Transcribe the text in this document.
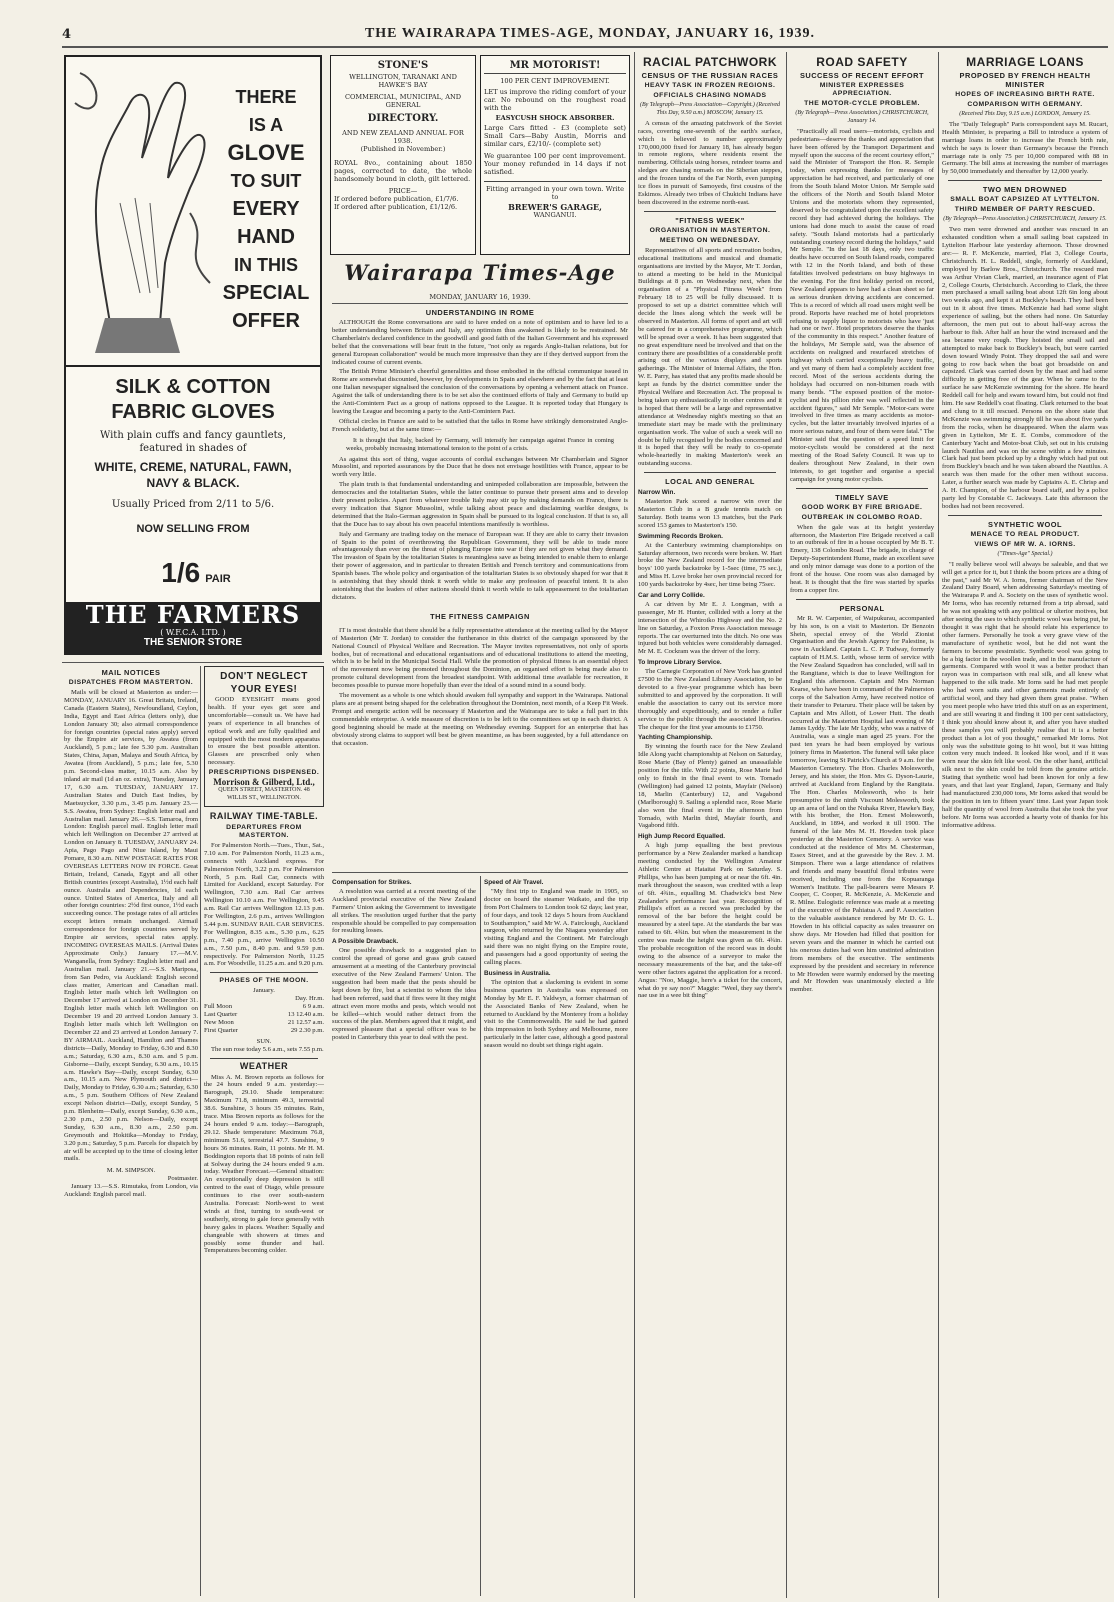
4	THE WAIRARAPA TIMES-AGE, MONDAY, JANUARY 16, 1939.
THERE
IS A
GLOVE
TO SUIT
EVERY
HAND
IN THIS
SPECIAL
OFFER
SILK & COTTON FABRIC GLOVES
With plain cuffs and fancy gauntlets, featured in shades of
WHITE, CREME, NATURAL, FAWN, NAVY & BLACK.
Usually Priced from 2/11 to 5/6.
NOW SELLING FROM
1/6 PAIR
THE FARMERS
( W.F.C.A. LTD. )
THE SENIOR STORE
STONE'S
WELLINGTON, TARANAKI AND HAWKE'S BAY
COMMERCIAL, MUNICIPAL, AND GENERAL
DIRECTORY.
AND NEW ZEALAND ANNUAL FOR 1938.
(Published in November.)
ROYAL 8vo., containing about 1850 pages, corrected to date, the whole handsomely bound in cloth, gilt lettered.
PRICE—
If ordered before publication, £1/7/6.
If ordered after publication, £1/12/6.
MR MOTORIST!
100 PER CENT IMPROVEMENT.
LET us improve the riding comfort of your car. No rebound on the roughest road with the
EASYCUSH SHOCK ABSORBER.
Large Cars fitted - £3 (complete set) Small Cars—Baby Austin, Morris and similar cars, £2/10/- (complete set)
We guarantee 100 per cent improvement. Your money refunded in 14 days if not satisfied.
Fitting arranged in your own town. Write to
BREWER'S GARAGE,
WANGANUI.
Wairarapa Times-Age
MONDAY, JANUARY 16, 1939.
UNDERSTANDING IN ROME

ALTHOUGH the Rome conversations are said to have ended on a note of optimism and to have led to a better understanding between Britain and Italy, any optimism thus awakened is likely to be restrained. Mr Chamberlain's declared confidence in the goodwill and good faith of the Italian Government and his expressed belief that the conversations will bear fruit in the future, "not only as regards Anglo-Italian relations, but for general European collaboration" would be much more impressive than they are if they derived support from the indicated course of current events.

The British Prime Minister's cheerful generalities and those embodied in the official communique issued in Rome are somewhat discounted, however, by developments in Spain and elsewhere and by the fact that at least one Italian newspaper signalised the conclusion of the conversations by opening a vehement attack on France. Against the talk of understanding there is to be set also the continued efforts of Italy and Germany to build up the Anti-Comintern Pact as a group of nations opposed to the League. It is reported today that Hungary is leaving the League and becoming a party to the Anti-Comintern Pact.

Official circles in France are said to be satisfied that the talks in Rome have strikingly demonstrated Anglo-French solidarity, but at the same time:—

It is thought that Italy, backed by Germany, will intensify her campaign against France in coming weeks, probably increasing international tension to the point of a crisis.

As against this sort of thing, vague accounts of cordial exchanges between Mr Chamberlain and Signor Mussolini, and reported assurances by the Duce that he does not envisage hostilities with France, appear to be worth very little.

The plain truth is that fundamental understanding and unimpeded collaboration are impossible, between the democracies and the totalitarian States, while the latter continue to pursue their present aims and to develop their present policies. Apart from whatever trouble Italy may stir up by making demands on France, there is every indication that Signor Mussolini, while talking about peace and disclaiming warlike designs, is determined that the Italo-German aggression in Spain shall be pursued to its logical conclusion. If that is so, all that the Duce has to say about his own peaceful intentions manifestly is worthless.

Italy and Germany are trading today on the menace of European war. If they are able to carry their invasion of Spain to the point of overthrowing the Republican Government, they will be able to trade more advantageously than ever on the threat of plunging Europe into war if they are not given what they demand. The invasion of Spain by the totalitarian States is meaningless save as being intended to enable them to enlarge their power of aggression, and in particular to threaten British and French territory and communications from Spanish bases. The whole policy and organisation of the totalitarian States is so obviously shaped for war that it is astonishing that they should think it worth while to make any profession of peaceful intent. It is also astonishing that the leaders of other nations should think it worth while to talk appeasement to the totalitarian dictators.

THE FITNESS CAMPAIGN

IT is most desirable that there should be a fully representative attendance at the meeting called by the Mayor of Masterton (Mr T. Jordan) to consider the furtherance in this district of the campaign sponsored by the National Council of Physical Welfare and Recreation. The Mayor invites representatives, not only of sports bodies, but of recreational and educational organisations and of educational institutions to attend the meeting, which is to be held in the Municipal Social Hall. While the promotion of physical fitness is an essential object of the movement now being promoted throughout the Dominion, an organised effort is being made also to promote cultural development from the broadest standpoint. With additional time available for recreation, it becomes possible to pursue more hopefully than ever the ideal of a sound mind in a sound body.

The movement as a whole is one which should awaken full sympathy and support in the Wairarapa. National plans are at present being shaped for the celebration throughout the Dominion, next month, of a Keep Fit Week. Prompt and energetic action will be necessary if Masterton and the Wairarapa are to take a full part in this commendable enterprise. A wide measure of discretion is to be left to the committees set up in each district. A good beginning should be made at the meeting on Wednesday evening. Support for an enterprise that has obviously strong claims to support will best be given meantime, as has been suggested, by a full attendance on that occasion.

Compensation for Strikes.

A resolution was carried at a recent meeting of the Auckland provincial executive of the New Zealand Farmers' Union asking the Government to investigate all strikes. The resolution urged further that the party responsible should be compelled to pay compensation for resulting losses.

A Possible Drawback.

One possible drawback to a suggested plan to control the spread of gorse and grass grub caused amusement at a meeting of the Canterbury provincial executive of the New Zealand Farmers' Union. The suggestion had been made that the pests should be kept down by fire, but a scientist to whom the idea had been referred, said that if fires were lit they might attract even more moths and pests, which would not be killed—which would rather detract from the success of the plan. Members agreed that it might, and expressed pleasure that a special officer was to be posted in Canterbury this year to deal with the pest.

Speed of Air Travel.

"My first trip to England was made in 1905, so doctor on board the steamer Waikato, and the trip from Port Chalmers to London took 62 days; last year, of four days, and took 12 days 5 hours from Auckland to Southampton," said Mr W. A. Fairclough, Auckland surgeon, who returned by the Niagara yesterday after visiting England and the Continent. Mr Fairclough said there was no night flying on the Empire route, and passengers had a good opportunity of seeing the calling places.

Business in Australia.

The opinion that a slackening is evident in some business quarters in Australia was expressed on Monday by Mr E. F. Yaldwyn, a former chairman of the Associated Banks of New Zealand, when he returned to Auckland by the Monterey from a holiday visit to the Commonwealth. He said he had gained this impression in both Sydney and Melbourne, more particularly in the latter case, although a good pastoral season would no doubt set things right again.

MAIL NOTICES
DISPATCHES FROM MASTERTON.

Mails will be closed at Masterton as under:— MONDAY, JANUARY 16. Great Britain, Ireland, Canada (Eastern States), Newfoundland, Ceylon, India, Egypt and East Africa (letters only), due London January 30; also airmail correspondence for foreign countries (special rates apply) served by the Empire air services, by Awatea (from Auckland), 5 p.m.; late fee 5.30 p.m. Australian States, China, Japan, Malaya and South Africa, by Awatea (from Auckland), 5 p.m.; late fee, 5.30 p.m. Second-class matter, 10.15 a.m. Also by inland air mail (1d an oz. extra), Tuesday, January 17, 6.30 a.m. TUESDAY, JANUARY 17. Australian States and Dutch East Indies, by Maetsuycker, 3.30 p.m., 3.45 p.m. January 23.—S.S. Awatea, from Sydney: English letter mail and Australian mail. January 26.—S.S. Tamaroa, from London: English parcel mail. English letter mail which left Wellington on December 27 arrived at London on January 8. TUESDAY, JANUARY 24. Apia, Pago Pago and Niue Island, by Maui Pomare, 8.30 a.m. NEW POSTAGE RATES FOR OVERSEAS LETTERS NOW IN FORCE. Great Britain, Ireland, Canada, Egypt and all other British countries (except Australia), 1½d each half ounce. Australia and Dependencies, 1d each ounce. United States of America, Italy and all other foreign countries: 2½d first ounce, 1½d each succeeding ounce. The postage rates of all articles except letters remain unchanged. Airmail correspondence for foreign countries served by Empire air services, special rates apply. INCOMING OVERSEAS MAILS. (Arrival Dates Approximate Only.) January 17.—M.V. Wanganella, from Sydney: English letter mail and Australian mail. January 21.—S.S. Mariposa, from San Pedro, via Auckland: English second class matter, American and Canadian mail. English letter mails which left Wellington on December 17 arrived at London on December 31. English letter mails which left Wellington on December 19 and 20 arrived London January 3. English letter mails which left Wellington on December 22 and 23 arrived at London January 7. BY AIRMAIL. Auckland, Hamilton and Thames districts—Daily, Monday to Friday, 6.30 and 8.30 a.m.; Saturday, 6.30 a.m., 8.30 a.m. and 5 p.m. Gisborne—Daily, except Sunday, 6.30 a.m., 10.15 a.m. Hawke's Bay—Daily, except Sunday, 6.30 a.m., 10.15 a.m. New Plymouth and district—Daily, Monday to Friday, 6.30 a.m.; Saturday, 6.30 a.m., 5 p.m. Southern Offices of New Zealand except Nelson district—Daily, except Sunday, 5 p.m. Blenheim—Daily, except Sunday, 6.30 a.m., 2.30 p.m., 2.50 p.m. Nelson—Daily, except Sunday, 6.30 a.m., 8.30 a.m., 2.50 p.m. Greymouth and Hokitika—Monday to Friday, 3.20 p.m.; Saturday, 5 p.m. Parcels for dispatch by air will be accepted up to the time of closing letter mails.

M. M. SIMPSON.
Postmaster.

January 13.—S.S. Rimutaka, from London, via Auckland: English parcel mail.

DON'T NEGLECT YOUR EYES!

GOOD EYESIGHT means good health. If your eyes get sore and uncomfortable—consult us. We have had years of experience in all branches of optical work and are fully qualified and equipped with the most modern apparatus to ensure the best possible attention. Glasses are prescribed only when necessary.

PRESCRIPTIONS DISPENSED.
Morrison & Gilberd, Ltd.,
QUEEN STREET, MASTERTON. 48 WILLIS ST., WELLINGTON.
RAILWAY TIME-TABLE.
DEPARTURES FROM MASTERTON.

For Palmerston North.—Tues., Thur., Sat., 7.10 a.m. For Palmerston North, 11.23 a.m., connects with Auckland express. For Palmerston North, 3.22 p.m. For Palmerston North, 5 p.m. Rail Car, connects with Limited for Auckland, except Saturday. For Wellington, 7.30 a.m. Rail Car arrives Wellington 10.10 a.m. For Wellington, 9.45 a.m. Rail Car arrives Wellington 12.13 p.m. For Wellington, 2.6 p.m., arrives Wellington 5.44 p.m. SUNDAY RAIL CAR SERVICES. For Wellington, 8.35 a.m., 5.30 p.m., 6.25 p.m., 7.40 p.m., arrive Wellington 10.50 a.m., 7.50 p.m., 8.40 p.m. and 9.59 p.m. respectively. For Palmerston North, 11.25 a.m. For Woodville, 11.25 a.m. and 9.20 p.m.

PHASES OF THE MOON.
January.
Day. Hr.m.
Full Moon	6 9 a.m.
Last Quarter	13 12.40 a.m.
New Moon	21 12.57 a.m.
First Quarter	29 2.30 p.m.
SUN.

The sun rose today 5.6 a.m., sets 7.55 p.m.

WEATHER

Miss A. M. Brown reports as follows for the 24 hours ended 9 a.m. yesterday:—Barograph, 29.10. Shade temperature: Maximum 71.8, minimum 49.3, terrestrial 38.6. Sunshine, 3 hours 35 minutes. Rain, trace. Miss Brown reports as follows for the 24 hours ended 9 a.m. today:—Barograph, 29.12. Shade temperature: Maximum 76.8, minimum 51.6, terrestrial 47.7. Sunshine, 9 hours 36 minutes. Rain, 11 points. Mr H. M. Boddington reports that 18 points of rain fell at Solway during the 24 hours ended 9 a.m. today. Weather Forecast.—General situation: An exceptionally deep depression is still centred to the east of Otago, while pressure continues to rise over south-eastern Australia. Forecast: North-west to west winds at first, turning to south-west or southerly, strong to gale force generally with heavy gales in places. Weather: Squally and changeable with showers at times and possibly some thunder and hail. Temperatures becoming colder.

RACIAL PATCHWORK
CENSUS OF THE RUSSIAN RACES
HEAVY TASK IN FROZEN REGIONS.
OFFICIALS CHASING NOMADS
(By Telegraph—Press Association—Copyright.) (Received This Day, 9.50 a.m.) MOSCOW, January 15.

A census of the amazing patchwork of the Soviet races, covering one-seventh of the earth's surface, which is believed to number approximately 170,000,000 fixed for January 18, has already begun in remote regions, where residents resent the numbering. Officials using horses, reindeer teams and sledges are chasing nomads on the Siberian steppes, and the frozen tundra of the Far North, even jumping ice floes in pursuit of Samoyeds, first cousins of the Eskimos. Already two tribes of Chuktchi Indians have been discovered in the extreme north-east.

"FITNESS WEEK"
ORGANISATION IN MASTERTON.
MEETING ON WEDNESDAY.

Representatives of all sports and recreation bodies, educational institutions and musical and dramatic organisations are invited by the Mayor, Mr T. Jordan, to attend a meeting to be held in the Municipal Buildings at 8 p.m. on Wednesday next, when the organisation of a "Physical Fitness Week" from February 18 to 25 will be fully discussed. It is proposed to set up a district committee which will decide the lines along which the week will be observed in Masterton. All forms of sport and art will be catered for in a comprehensive programme, which will be spread over a week. It has been suggested that no great expenditure need be involved and that on the contrary there are possibilities of a considerable profit arising out of the various displays and sports gatherings. The Minister of Internal Affairs, the Hon. W. E. Parry, has stated that any profits made should be kept as funds by the district committee under the Physical Welfare and Recreation Act. The proposal is being taken up enthusiastically in other centres and it is hoped that there will be a large and representative attendance at Wednesday night's meeting so that an immediate start may be made with the preliminary organisation work. The value of such a week will no doubt be fully recognised by the bodies concerned and it is hoped that they will be ready to co-operate whole-heartedly in making Masterton's week an outstanding success.

LOCAL AND GENERAL
Narrow Win.

Masterton Park scored a narrow win over the Masterton Club in a B grade tennis match on Saturday. Both teams won 13 matches, but the Park scored 153 games to Masterton's 150.

Swimming Records Broken.

At the Canterbury swimming championships on Saturday afternoon, two records were broken. W. Hart broke the New Zealand record for the intermediate boys' 100 yards backstroke by 1-5sec (time, 75 sec.), and Miss H. Love broke her own provincial record for 100 yards backstroke by 4sec, her time being 75sec.

Car and Lorry Collide.

A car driven by Mr E. J. Longman, with a passenger, Mr H. Hunter, collided with a lorry at the intersection of the Whiroiko Highway and the No. 2 line on Saturday, a Foxton Press Association message reports. The car overturned into the ditch. No one was injured but both vehicles were considerably damaged. Mr M. E. Cockram was the driver of the lorry.

To Improve Library Service.

The Carnegie Corporation of New York has granted £7500 to the New Zealand Library Association, to be devoted to a five-year programme which has been submitted to and approved by the corporation. It will enable the association to carry out its service more thoroughly and expeditiously, and to render a fuller service to the public through the associated libraries. The cheque for the first year amounts to £1750.

Yachting Championship.

By winning the fourth race for the New Zealand Idle Along yacht championship at Nelson on Saturday, Rose Marie (Bay of Plenty) gained an unassailable position for the title. With 22 points, Rose Marie had only to finish in the final event to win. Tornado (Wellington) had gained 12 points, Mayfair (Nelson) 18, Marlin (Canterbury) 12, and Vagabond (Marlborough) 9. Sailing a splendid race, Rose Marie also won the final event in the afternoon from Tornado, with Marlin third, Mayfair fourth, and Vagabond fifth.

High Jump Record Equalled.

A high jump equalling the best previous performance by a New Zealander marked a handicap meeting conducted by the Wellington Amateur Athletic Centre at Hataitai Park on Saturday. S. Phillips, who has been jumping at or near the 6ft. 4in. mark throughout the season, was credited with a leap of 6ft. 4¾in., equalling M. Chadwick's best New Zealander's performance last year. Recognition of Phillips's effort as a record was precluded by the removal of the bar before the height could be measured by a steel tape. At the standards the bar was raised to 6ft. 4¾in. but when the measurement in the centre was made the height was given as 6ft. 4¾in. The probable recognition of the record was in doubt owing to the absence of a surveyor to make the necessary measurements of the bar, and the take-off were other factors against the application for a record. Angus: "Noo, Maggie, here's a ticket for the concert, what do ye say noo?" Maggie: "Weel, they say there's nae use in a wee bit thing"

ROAD SAFETY
SUCCESS OF RECENT EFFORT
MINISTER EXPRESSES APPRECIATION.
THE MOTOR-CYCLE PROBLEM.
(By Telegraph—Press Association.) CHRISTCHURCH, January 14.

"Practically all road users—motorists, cyclists and pedestrians—deserve the thanks and appreciation that have been offered by the Transport Department and myself upon the success of the recent courtesy effort," said the Minister of Transport the Hon. R. Semple today, when expressing thanks for messages of appreciation he had received, and particularly of one from the South Island Motor Union. Mr Semple said the officers of the North and South Island Motor Unions and the motorists whom they represented, deserved to be congratulated upon the excellent safety record they had achieved during the holidays. The unions had done much to assist the cause of road safety. "South Island motorists had a particularly outstanding courtesy record during the holidays," said Mr Semple. "In the last 18 days, only two traffic deaths have occurred on South Island roads, compared with 12 in the North Island, and both of these fatalities involved pedestrians on busy highways in the evening. For the first holiday period on record, New Zealand appears to have had a clean sheet so far as serious drunken driving accidents are concerned. This is a record of which all road users might well be proud. Reports have reached me of hotel proprietors refusing to supply liquor to motorists who have 'just had one or two'. Hotel proprietors deserve the thanks of the community in this respect." Another feature of the holidays, Mr Semple said, was the absence of accidents on realigned and resurfaced stretches of highway which carried exceptionally heavy traffic, and yet many of them had a completely accident free record. Most of the serious accidents during the holidays had occurred on non-bitumen roads with many bends. "The exposed position of the motor-cyclist and his pillion rider was well reflected in the accident figures," said Mr Semple. "Motor-cars were involved in five times as many accidents as motor-cycles, but the latter invariably involved injuries of a more serious nature, and four of them were fatal." The Minister said that the question of a speed limit for motor-cyclists would be considered at the next meeting of the Road Safety Council. It was up to dealers throughout New Zealand, in their own interests, to get together and organise a special campaign for young motor cyclists.

TIMELY SAVE
GOOD WORK BY FIRE BRIGADE.
OUTBREAK IN COLOMBO ROAD.

When the gale was at its height yesterday afternoon, the Masterton Fire Brigade received a call to an outbreak of fire in a house occupied by Mr B. T. Emery, 138 Colombo Road. The brigade, in charge of Deputy-Superintendent Hume, made an excellent save and only minor damage was done to a portion of the front of the house. One room was also damaged by heat. It is thought that the fire was started by sparks from a copper fire.

PERSONAL

Mr R. W. Carpenter, of Waipukurau, accompanied by his son, is on a visit to Masterton. Dr Benzoin Shein, special envoy of the World Zionist Organisation and the Jewish Agency for Palestine, is now in Auckland. Captain L. C. P. Tudway, formerly captain of H.M.S. Leith, whose term of service with the New Zealand Squadron has concluded, will sail in the Rangitane, which is due to leave Wellington for England this afternoon. Captain and Mrs Norman Kearse, who have been in command of the Palmerston corps of the Salvation Army, have received notice of their transfer to Petaruru. Their place will be taken by Captain and Mrs Allott, of Lower Hutt. The death occurred at the Masterton Hospital last evening of Mr James Lyddy. The late Mr Lyddy, who was a native of Australia, was a single man aged 25 years. For the past ten years he had been employed by various joinery firms in Masterton. The funeral will take place tomorrow, leaving St Patrick's Church at 9 a.m. for the Masterton Cemetery. The Hon. Charles Molesworth, Jersey, and his sister, the Hon. Mrs G. Dyson-Laurie, arrived at Auckland from England by the Rangitata. The Hon. Charles Molesworth, who is heir presumptive to the ninth Viscount Molesworth, took up an area of land on the Nuhaka River, Hawke's Bay, with his brother, the Hon. Ernest Molesworth, Auckland, in 1894, and worked it till 1900. The funeral of the late Mrs M. H. Howden took place yesterday at the Masterton Cemetery. A service was conducted at the residence of Mrs M. Chesterman, Essex Street, and at the graveside by the Rev. J. M. Simpson. There was a large attendance of relatives and friends and many beautiful floral tributes were received, including one from the Kopuaranga Women's Institute. The pall-bearers were Messrs P. Cooper, C. Cooper, R. McKenzie, A. McKenzie and R. Milne. Eulogistic reference was made at a meeting of the executive of the Pahiatua A. and P. Association to the valuable assistance rendered by Mr D. G. L. Howden in his official capacity as sales treasurer on show days. Mr Howden had filled that position for seven years and the manner in which he carried out his onerous duties had won him unstinted admiration from members of the executive. The sentiments expressed by the president and secretary in reference to Mr Howden were warmly endorsed by the meeting and Mr Howden was unanimously elected a life member.

MARRIAGE LOANS
PROPOSED BY FRENCH HEALTH MINISTER
HOPES OF INCREASING BIRTH RATE.
COMPARISON WITH GERMANY.
(Received This Day, 9.15 a.m.) LONDON, January 15.

The "Daily Telegraph" Paris correspondent says M. Rucart, Health Minister, is preparing a Bill to introduce a system of marriage loans in order to increase the French birth rate, which he says is lower than Germany's because the French marriage rate is only 75 per 10,000 compared with 88 in Germany. The bill aims at increasing the number of marriages by 50,000 immediately and thereafter by 12,000 yearly.

TWO MEN DROWNED
SMALL BOAT CAPSIZED AT LYTTELTON.
THIRD MEMBER OF PARTY RESCUED.
(By Telegraph—Press Association.) CHRISTCHURCH, January 15.

Two men were drowned and another was rescued in an exhausted condition when a small sailing boat capsized in Lyttelton Harbour late yesterday afternoon. Those drowned are:— R. F. McKenzie, married, Flat 3, College Courts, Christchurch. H. L. Reddell, single, formerly of Auckland, employed by Barlow Bros., Christchurch. The rescued man was Arthur Vivian Clark, married, an insurance agent of Flat 2, College Courts, Christchurch. According to Clark, the three men purchased a small sailing boat about 12ft 6in long about two weeks ago, and kept it at Buckley's beach. They had been out in it about five times. McKenzie had had some slight experience of sailing, but the others had none. On Saturday afternoon, the men put out to about half-way across the harbour to fish. After half an hour the wind increased and the sea became very rough. They hoisted the small sail and attempted to make back to Buckley's beach, but were carried down toward Windy Point. They dropped the sail and were going to row back when the boat got broadside on and capsized. Clark was carried down by the mast and had some difficulty in getting free of the gear. When he came to the surface he saw McKenzie swimming for the shore. He heard Reddell call for help and swam toward him, but could not find him. He saw Reddell's coat floating. Clark returned to the boat and clung to it till rescued. Persons on the shore state that McKenzie was swimming strongly till he was about five yards from the rocks, when he disappeared. When the alarm was given in Lyttelton, Mr E. E. Combs, commodore of the Canterbury Yacht and Motor-boat Club, set out in his cruising launch Nautilus and was on the scene within a few minutes. Clark had just been picked up by a dinghy which had put out from Buckley's beach and he was taken aboard the Nautilus. A search was then made for the other men without success. Later, a further search was made by Captains A. E. Chrisp and A. H. Champion, of the harbour board staff, and by a police party led by Constable C. Jackways. Late this afternoon the bodies had not been recovered.

SYNTHETIC WOOL
MENACE TO REAL PRODUCT.
VIEWS OF MR W. A. IORNS.
("Times-Age" Special.)

"I really believe wool will always be saleable, and that we will get a price for it, but I think the boom prices are a thing of the past," said Mr W. A. Iorns, former chairman of the New Zealand Dairy Board, when addressing Saturday's meeting of the Wairarapa P. and A. Society on the uses of synthetic wool. Mr Iorns, who has recently returned from a trip abroad, said he was not speaking with any political or ulterior motives, but after seeing the uses to which synthetic wool was being put, he thought it was right that he should relate his experience to other farmers. Personally he took a very grave view of the manufacture of synthetic wool, but he did not want the farmers to become pessimistic. Synthetic wool was going to be a big factor in the woollen trade, and in the manufacture of garments. Compared with wool it was a better product than rayon was in comparison with real silk, and all knew what happened to the silk trade. Mr Iorns said he had met people who had worn suits and other garments made entirely of artificial wool, and they had given them great praise. "When you meet people who have tried this stuff on as an experiment, and are still wearing it and finding it 100 per cent satisfactory, I think you should know about it, and after you have studied these samples you will probably realise that it is a better product than a lot of you thought," remarked Mr Iorns. Not only was the substitute going to hit wool, but it was hitting cotton very much indeed. It looked like wool, and if it was worn near the skin felt like wool. On the other hand, artificial silk next to the skin could be told from the genuine article. Stating that synthetic wool had been known for only a few years, and that last year England, Japan, Germany and Italy had manufactured 230,000 tons, Mr Iorns asked that would be the position in ten to fifteen years' time. Last year Japan took half the quantity of wool from Australia that she took the year before. Mr Iorns was accorded a hearty vote of thanks for his informative address.
